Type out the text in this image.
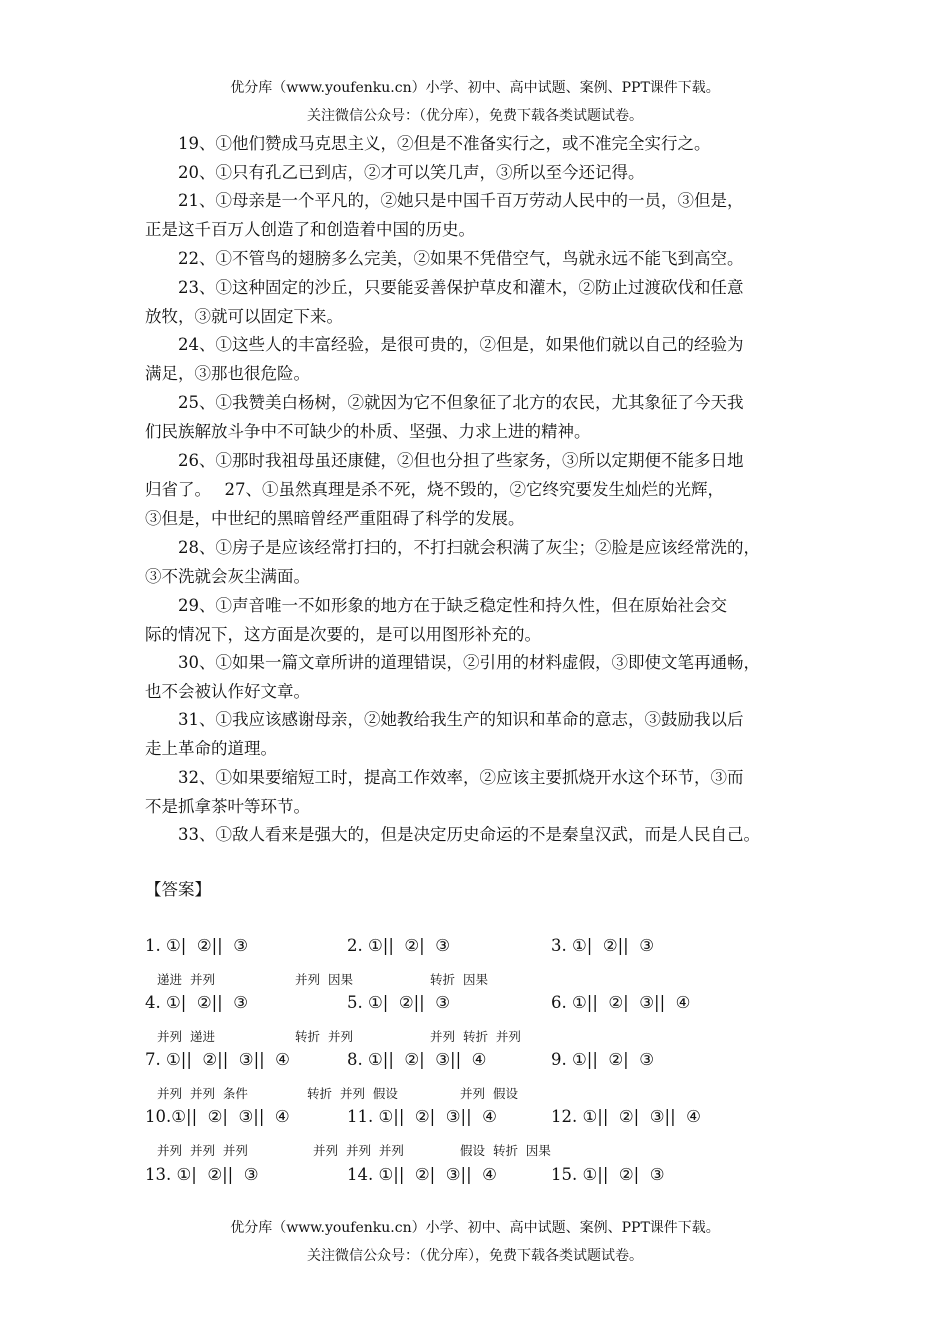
优分库（www.youfenku.cn）小学、初中、高中试题、案例、PPT课件下载。
关注微信公众号：（优分库），免费下载各类试题试卷。
19、①他们赞成马克思主义，②但是不准备实行之，或不准完全实行之。
20、①只有孔乙已到店，②才可以笑几声，③所以至今还记得。
21、①母亲是一个平凡的，②她只是中国千百万劳动人民中的一员，③但是，
正是这千百万人创造了和创造着中国的历史。
22、①不管鸟的翅膀多么完美，②如果不凭借空气，鸟就永远不能飞到高空。
23、①这种固定的沙丘，只要能妥善保护草皮和灌木，②防止过渡砍伐和任意
放牧，③就可以固定下来。
24、①这些人的丰富经验，是很可贵的，②但是，如果他们就以自己的经验为
满足，③那也很危险。
25、①我赞美白杨树，②就因为它不但象征了北方的农民，尤其象征了今天我
们民族解放斗争中不可缺少的朴质、坚强、力求上进的精神。
26、①那时我祖母虽还康健，②但也分担了些家务，③所以定期便不能多日地
归省了。　 27、①虽然真理是杀不死，烧不毁的，②它终究要发生灿烂的光辉，
③但是，中世纪的黑暗曾经严重阻碍了科学的发展。
28、①房子是应该经常打扫的，不打扫就会积满了灰尘；②脸是应该经常洗的，
③不洗就会灰尘满面。
29、①声音唯一不如形象的地方在于缺乏稳定性和持久性，但在原始社会交
际的情况下，这方面是次要的，是可以用图形补充的。
30、①如果一篇文章所讲的道理错误，②引用的材料虚假，③即使文笔再通畅，
也不会被认作好文章。
31、①我应该感谢母亲，②她教给我生产的知识和革命的意志，③鼓励我以后
走上革命的道理。
32、①如果要缩短工时，提高工作效率，②应该主要抓烧开水这个环节，③而
不是抓拿茶叶等环节。
33、①敌人看来是强大的，但是决定历史命运的不是秦皇汉武，而是人民自己。
【答案】
1. ①|  ②||  ③	2. ①||  ②|  ③	3. ①|  ②||  ③
递进  并列	并列  因果	转折  因果
4. ①|  ②||  ③	5. ①|  ②||  ③	6. ①||  ②|  ③||  ④
并列  递进	转折  并列	并列  转折  并列
7. ①||  ②||  ③||  ④	8. ①||  ②|  ③||  ④	9. ①||  ②|  ③
并列  并列  条件	转折  并列  假设	并列  假设
10.①||  ②|  ③||  ④	11. ①||  ②|  ③||  ④	12. ①||  ②|  ③||  ④
并列  并列  并列	并列  并列  并列	假设  转折  因果
13. ①|  ②||  ③	14. ①||  ②|  ③||  ④	15. ①||  ②|  ③
优分库（www.youfenku.cn）小学、初中、高中试题、案例、PPT课件下载。
关注微信公众号：（优分库），免费下载各类试题试卷。
